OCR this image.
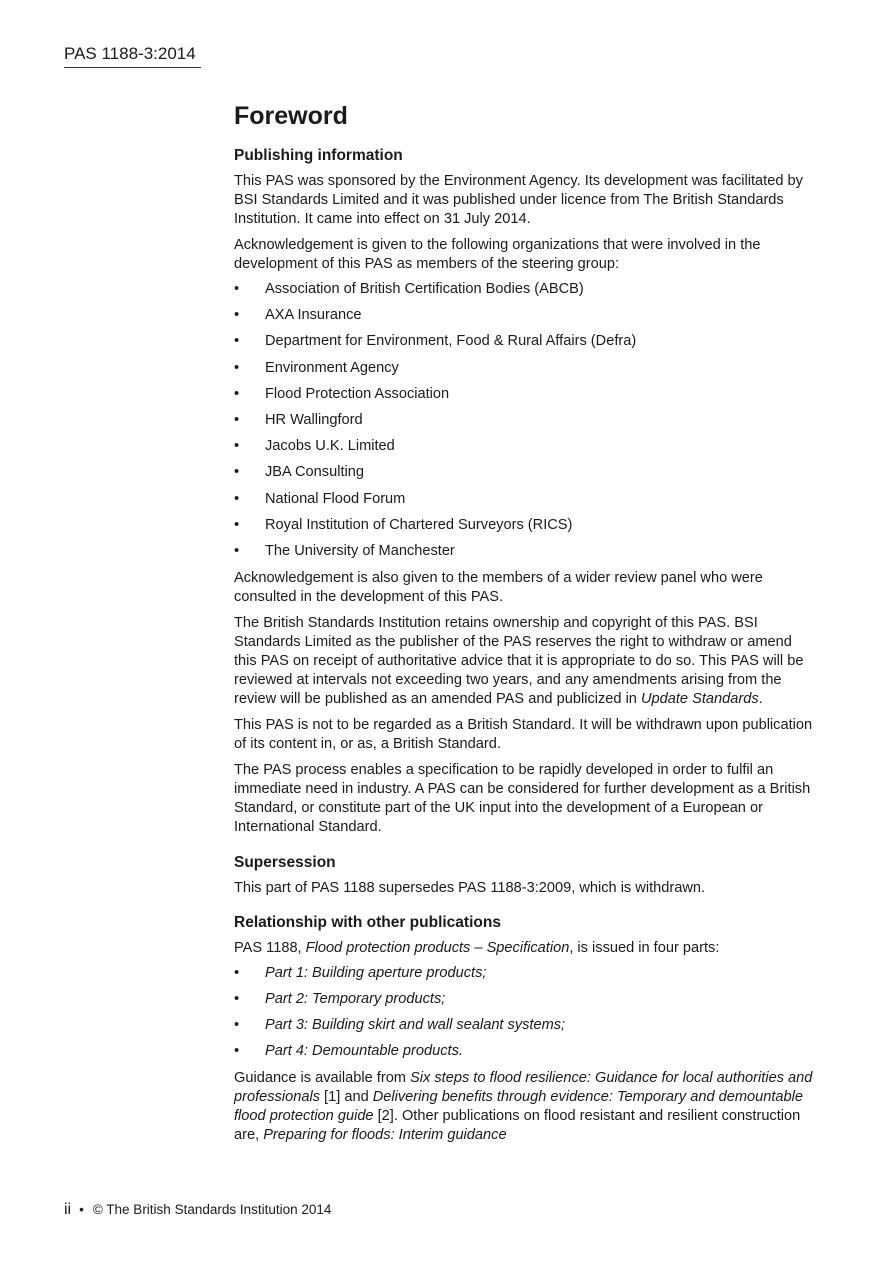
PAS 1188-3:2014
Foreword
Publishing information

This PAS was sponsored by the Environment Agency. Its development was facilitated by BSI Standards Limited and it was published under licence from The British Standards Institution. It came into effect on 31 July 2014.

Acknowledgement is given to the following organizations that were involved in the development of this PAS as members of the steering group:

• Association of British Certification Bodies (ABCB)
• AXA Insurance
• Department for Environment, Food & Rural Affairs (Defra)
• Environment Agency
• Flood Protection Association
• HR Wallingford
• Jacobs U.K. Limited
• JBA Consulting
• National Flood Forum
• Royal Institution of Chartered Surveyors (RICS)
• The University of Manchester

Acknowledgement is also given to the members of a wider review panel who were consulted in the development of this PAS.

The British Standards Institution retains ownership and copyright of this PAS. BSI Standards Limited as the publisher of the PAS reserves the right to withdraw or amend this PAS on receipt of authoritative advice that it is appropriate to do so. This PAS will be reviewed at intervals not exceeding two years, and any amendments arising from the review will be published as an amended PAS and publicized in Update Standards.

This PAS is not to be regarded as a British Standard. It will be withdrawn upon publication of its content in, or as, a British Standard.

The PAS process enables a specification to be rapidly developed in order to fulfil an immediate need in industry. A PAS can be considered for further development as a British Standard, or constitute part of the UK input into the development of a European or International Standard.

Supersession

This part of PAS 1188 supersedes PAS 1188-3:2009, which is withdrawn.

Relationship with other publications

PAS 1188, Flood protection products – Specification, is issued in four parts:

• Part 1: Building aperture products;
• Part 2: Temporary products;
• Part 3: Building skirt and wall sealant systems;
• Part 4: Demountable products.

Guidance is available from Six steps to flood resilience: Guidance for local authorities and professionals [1] and Delivering benefits through evidence: Temporary and demountable flood protection guide [2]. Other publications on flood resistant and resilient construction are, Preparing for floods: Interim guidance

ii • © The British Standards Institution 2014
